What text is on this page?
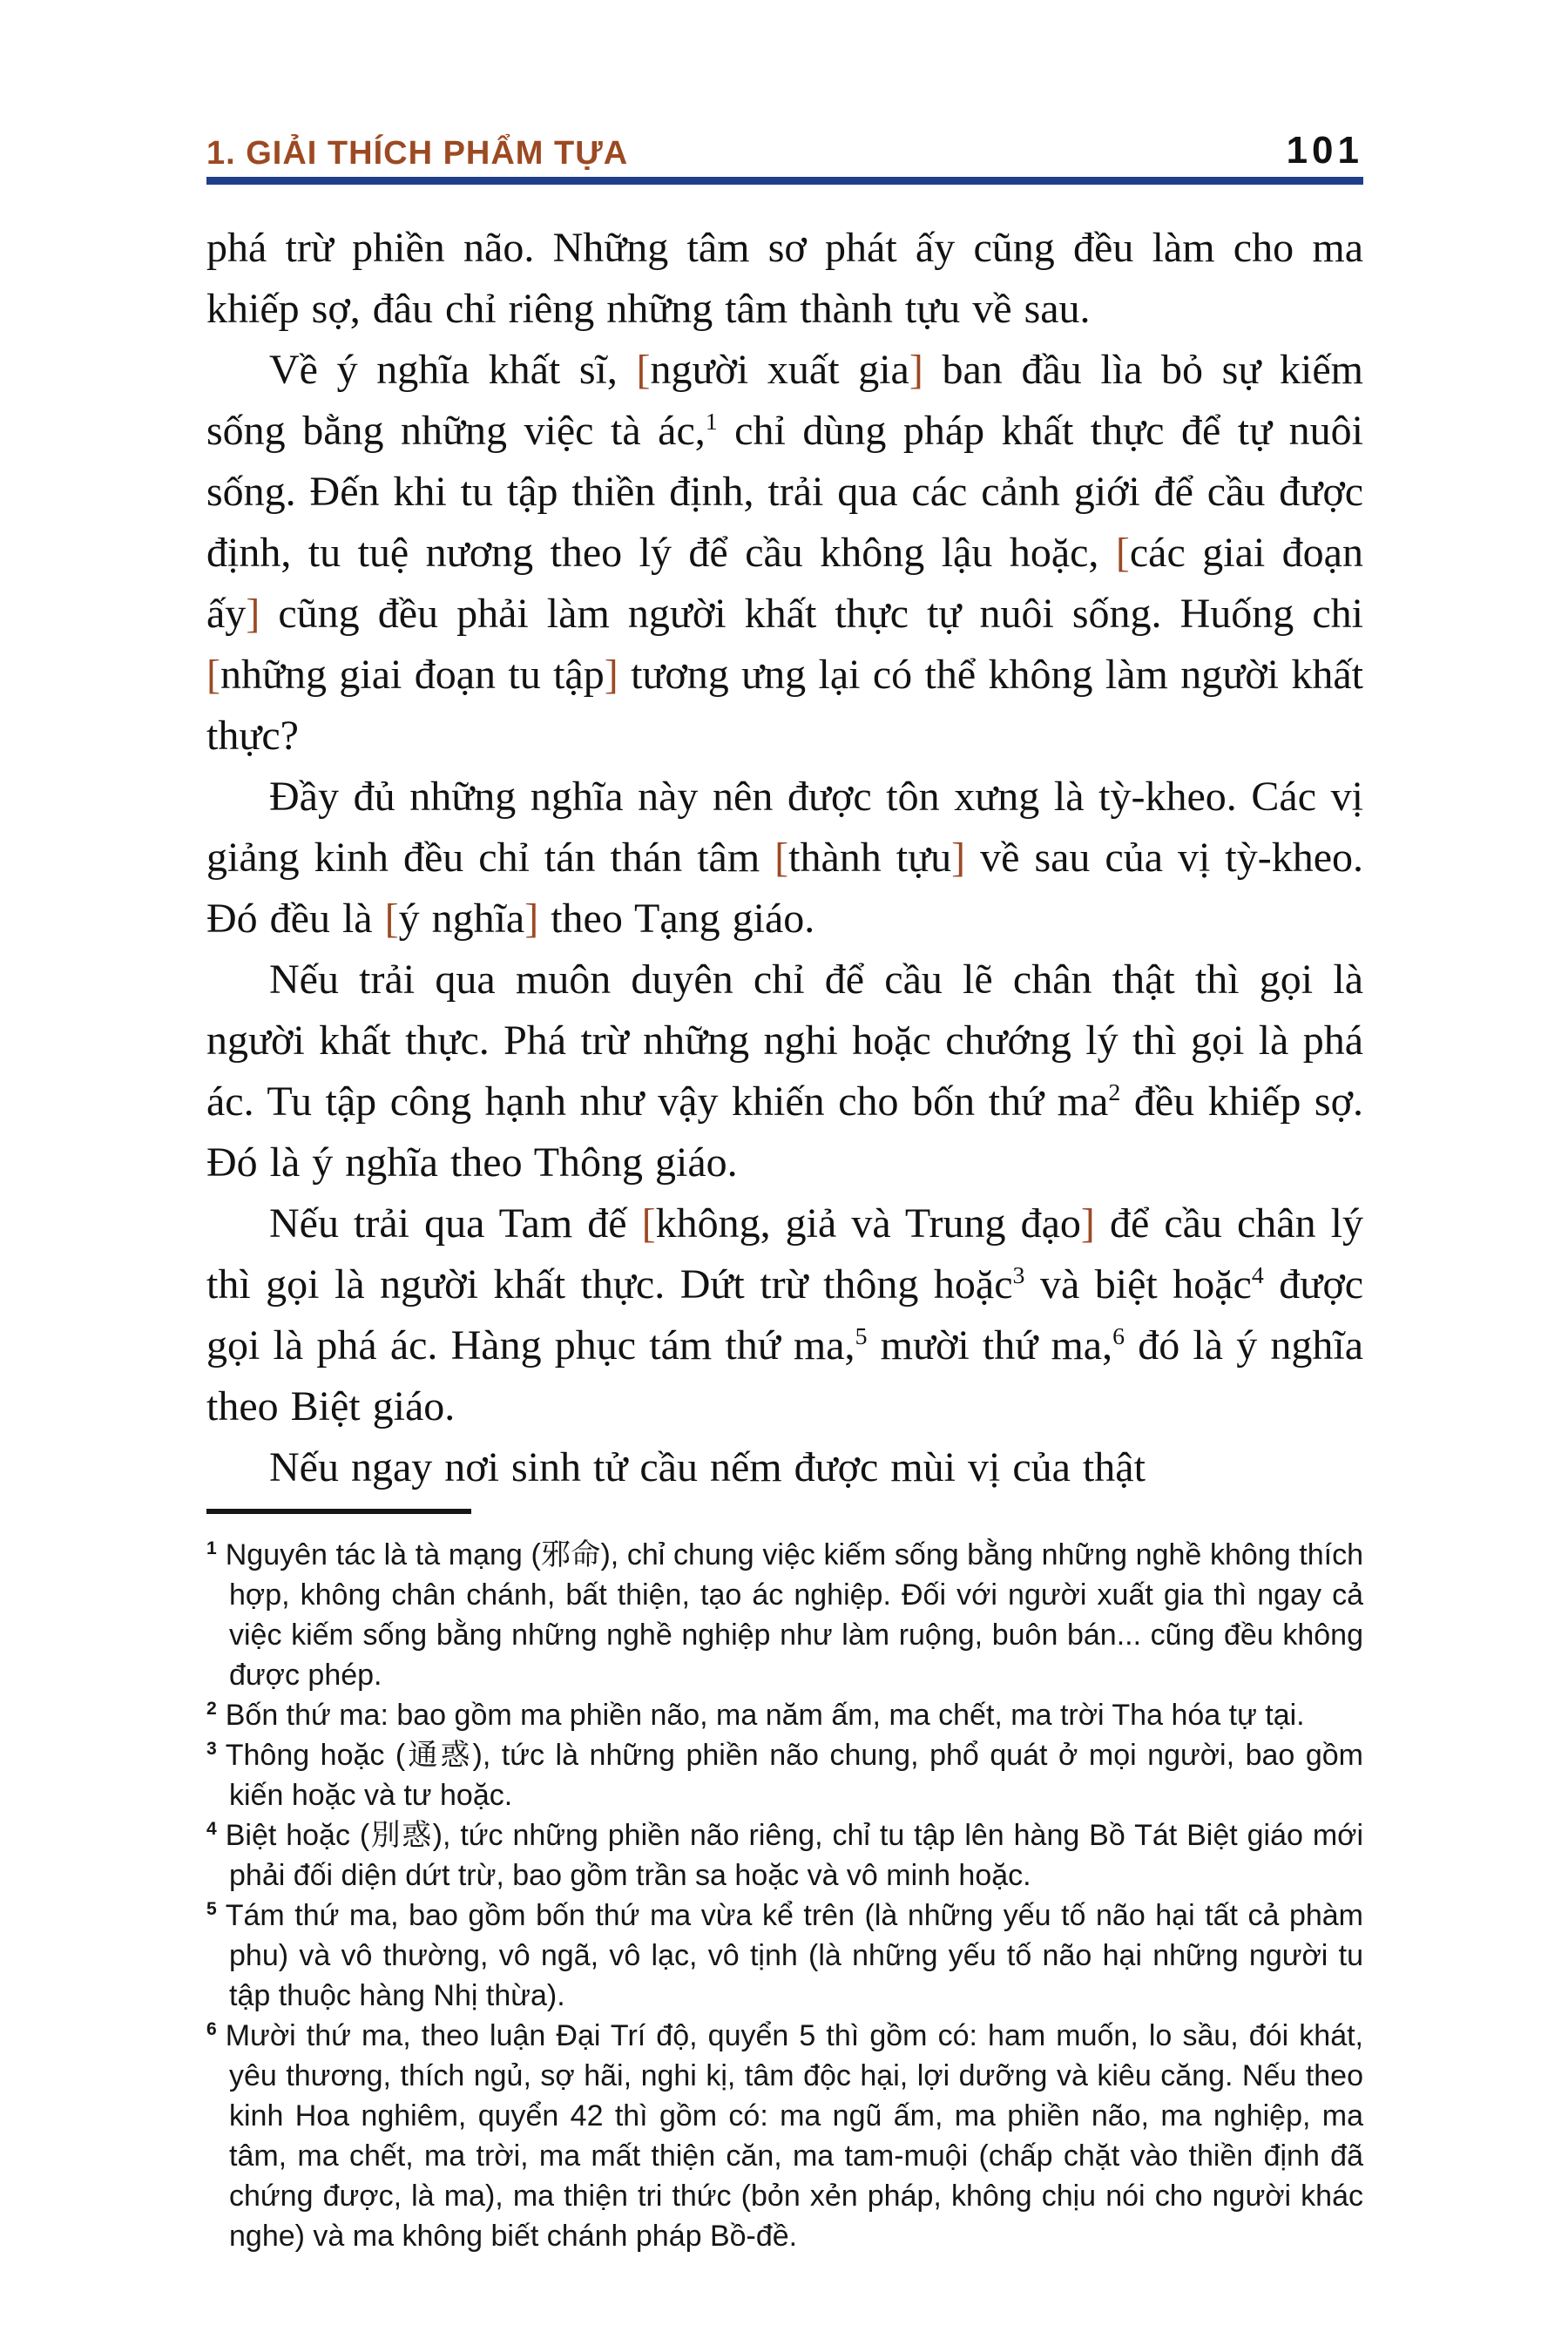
1. GIẢI THÍCH PHẨM TỰA	101

phá trừ phiền não. Những tâm sơ phát ấy cũng đều làm cho ma khiếp sợ, đâu chỉ riêng những tâm thành tựu về sau.

Về ý nghĩa khất sĩ, [người xuất gia] ban đầu lìa bỏ sự kiếm sống bằng những việc tà ác,$^1$ chỉ dùng pháp khất thực để tự nuôi sống. Đến khi tu tập thiền định, trải qua các cảnh giới để cầu được định, tu tuệ nương theo lý để cầu không lậu hoặc, [các giai đoạn ấy] cũng đều phải làm người khất thực tự nuôi sống. Huống chi [những giai đoạn tu tập] tương ưng lại có thể không làm người khất thực?

Đầy đủ những nghĩa này nên được tôn xưng là tỳ-kheo. Các vị giảng kinh đều chỉ tán thán tâm [thành tựu] về sau của vị tỳ-kheo. Đó đều là [ý nghĩa] theo Tạng giáo.

Nếu trải qua muôn duyên chỉ để cầu lẽ chân thật thì gọi là người khất thực. Phá trừ những nghi hoặc chướng lý thì gọi là phá ác. Tu tập công hạnh như vậy khiến cho bốn thứ ma$^2$ đều khiếp sợ. Đó là ý nghĩa theo Thông giáo.

Nếu trải qua Tam đế [không, giả và Trung đạo] để cầu chân lý thì gọi là người khất thực. Dứt trừ thông hoặc$^3$ và biệt hoặc$^4$ được gọi là phá ác. Hàng phục tám thứ ma,$^5$ mười thứ ma,$^6$ đó là ý nghĩa theo Biệt giáo.

Nếu ngay nơi sinh tử cầu nếm được mùi vị của thật

$^1$ Nguyên tác là tà mạng (邪命), chỉ chung việc kiếm sống bằng những nghề không thích hợp, không chân chánh, bất thiện, tạo ác nghiệp. Đối với người xuất gia thì ngay cả việc kiếm sống bằng những nghề nghiệp như làm ruộng, buôn bán... cũng đều không được phép.
$^2$ Bốn thứ ma: bao gồm ma phiền não, ma năm ấm, ma chết, ma trời Tha hóa tự tại.
$^3$ Thông hoặc (通惑), tức là những phiền não chung, phổ quát ở mọi người, bao gồm kiến hoặc và tư hoặc.
$^4$ Biệt hoặc (別惑), tức những phiền não riêng, chỉ tu tập lên hàng Bồ Tát Biệt giáo mới phải đối diện dứt trừ, bao gồm trần sa hoặc và vô minh hoặc.
$^5$ Tám thứ ma, bao gồm bốn thứ ma vừa kể trên (là những yếu tố não hại tất cả phàm phu) và vô thường, vô ngã, vô lạc, vô tịnh (là những yếu tố não hại những người tu tập thuộc hàng Nhị thừa).
$^6$ Mười thứ ma, theo luận Đại Trí độ, quyển 5 thì gồm có: ham muốn, lo sầu, đói khát, yêu thương, thích ngủ, sợ hãi, nghi kị, tâm độc hại, lợi dưỡng và kiêu căng. Nếu theo kinh Hoa nghiêm, quyển 42 thì gồm có: ma ngũ ấm, ma phiền não, ma nghiệp, ma tâm, ma chết, ma trời, ma mất thiện căn, ma tam-muội (chấp chặt vào thiền định đã chứng được, là ma), ma thiện tri thức (bỏn xẻn pháp, không chịu nói cho người khác nghe) và ma không biết chánh pháp Bồ-đề.
